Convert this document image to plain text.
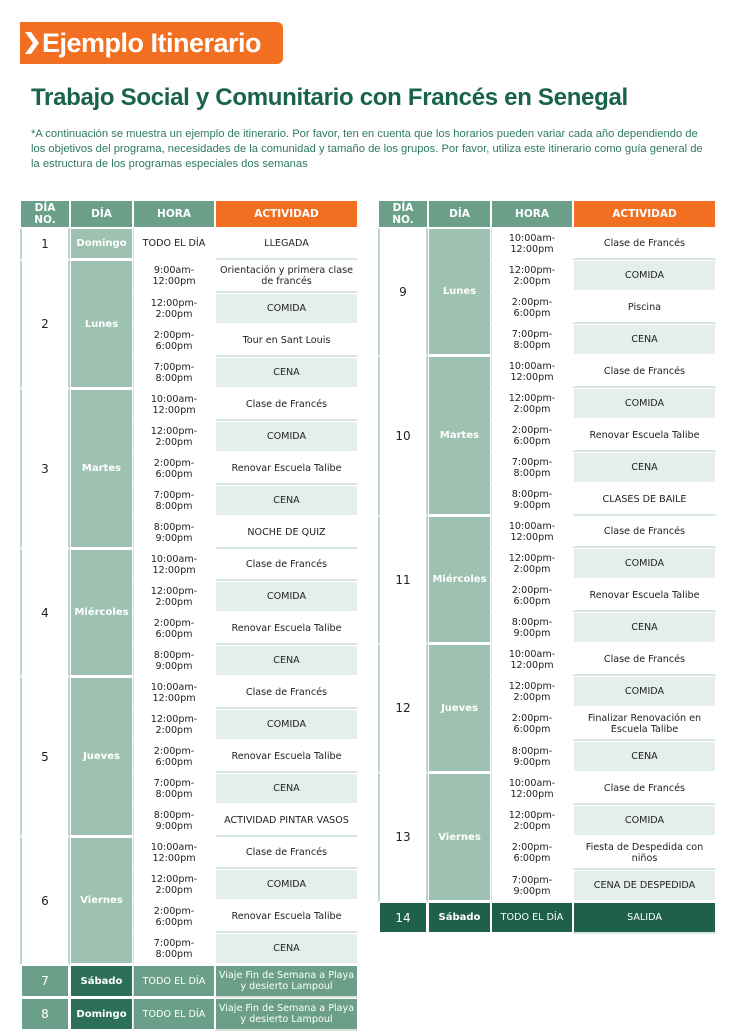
Ejemplo Itinerario
Trabajo Social y Comunitario con Francés en Senegal
*A continuación se muestra un ejemplo de itinerario. Por favor, ten en cuenta que los horarios pueden variar cada año dependiendo de los objetivos del programa, necesidades de la comunidad y tamaño de los grupos. Por favor, utiliza este itinerario como guía general de la estructura de los programas especiales dos semanas
DÍA NO.	DÍA	HORA	ACTIVIDAD
1	Domingo	TODO EL DÍA	LLEGADA
2	Lunes	9:00am-12:00pm	Orientación y primera clase de francés
		12:00pm-2:00pm	COMIDA
		2:00pm-6:00pm	Tour en Sant Louis
		7:00pm-8:00pm	CENA
3	Martes	10:00am-12:00pm	Clase de Francés
		12:00pm-2:00pm	COMIDA
		2:00pm-6:00pm	Renovar Escuela Talibe
		7:00pm-8:00pm	CENA
		8:00pm-9:00pm	NOCHE DE QUIZ
4	Miércoles	10:00am-12:00pm	Clase de Francés
		12:00pm-2:00pm	COMIDA
		2:00pm-6:00pm	Renovar Escuela Talibe
		8:00pm-9:00pm	CENA
5	Jueves	10:00am-12:00pm	Clase de Francés
		12:00pm-2:00pm	COMIDA
		2:00pm-6:00pm	Renovar Escuela Talibe
		7:00pm-8:00pm	CENA
		8:00pm-9:00pm	ACTIVIDAD PINTAR VASOS
6	Viernes	10:00am-12:00pm	Clase de Francés
		12:00pm-2:00pm	COMIDA
		2:00pm-6:00pm	Renovar Escuela Talibe
		7:00pm-8:00pm	CENA
7	Sábado	TODO EL DÍA	Viaje Fin de Semana a Playa y desierto Lampoul
8	Domingo	TODO EL DÍA	Viaje Fin de Semana a Playa y desierto Lampoul
DÍA NO.	DÍA	HORA	ACTIVIDAD
9	Lunes	10:00am-12:00pm	Clase de Francés
		12:00pm-2:00pm	COMIDA
		2:00pm-6:00pm	Piscina
		7:00pm-8:00pm	CENA
10	Martes	10:00am-12:00pm	Clase de Francés
		12:00pm-2:00pm	COMIDA
		2:00pm-6:00pm	Renovar Escuela Talibe
		7:00pm-8:00pm	CENA
		8:00pm-9:00pm	CLASES DE BAILE
11	Miércoles	10:00am-12:00pm	Clase de Francés
		12:00pm-2:00pm	COMIDA
		2:00pm-6:00pm	Renovar Escuela Talibe
		8:00pm-9:00pm	CENA
12	Jueves	10:00am-12:00pm	Clase de Francés
		12:00pm-2:00pm	COMIDA
		2:00pm-6:00pm	Finalizar Renovación en Escuela Talibe
		8:00pm-9:00pm	CENA
13	Viernes	10:00am-12:00pm	Clase de Francés
		12:00pm-2:00pm	COMIDA
		2:00pm-6:00pm	Fiesta de Despedida con niños
		7:00pm-9:00pm	CENA DE DESPEDIDA
14	Sábado	TODO EL DÍA	SALIDA
